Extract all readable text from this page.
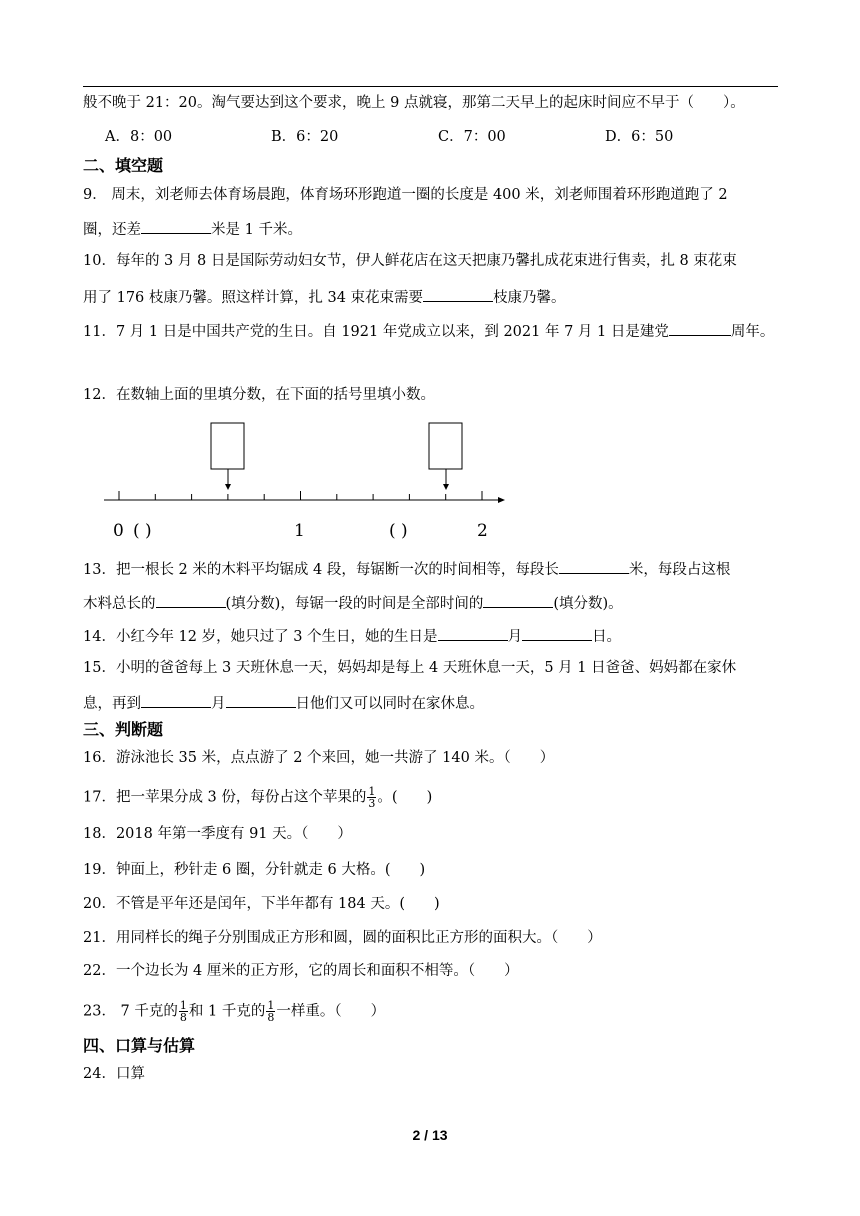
般不晚于 21：20。淘气要达到这个要求，晚上 9 点就寝，那第二天早上的起床时间应不早于（　　）。
A．8：00	B．6：20	C．7：00	D．6：50
二、填空题
9． 周末，刘老师去体育场晨跑，体育场环形跑道一圈的长度是 400 米，刘老师围着环形跑道跑了 2
圈，还差	米是 1 千米。
10．每年的 3 月 8 日是国际劳动妇女节，伊人鲜花店在这天把康乃馨扎成花束进行售卖，扎 8 束花束
用了 176 枝康乃馨。照这样计算，扎 34 束花束需要	枝康乃馨。
11．7 月 1 日是中国共产党的生日。自 1921 年党成立以来，到 2021 年 7 月 1 日是建党	周年。
12．在数轴上面的里填分数，在下面的括号里填小数。
0 ( )	1	( )	2
13．把一根长 2 米的木料平均锯成 4 段，每锯断一次的时间相等，每段长	米，每段占这根
木料总长的	(填分数)，每锯一段的时间是全部时间的	(填分数)。
14．小红今年 12 岁，她只过了 3 个生日，她的生日是	月	日。
15．小明的爸爸每上 3 天班休息一天，妈妈却是每上 4 天班休息一天，5 月 1 日爸爸、妈妈都在家休
息，再到	月	日他们又可以同时在家休息。
三、判断题
16．游泳池长 35 米，点点游了 2 个来回，她一共游了 140 米。（　　）
17．把一苹果分成 3 份，每份占这个苹果的 $\frac{1}{3}$ 。(　　)
18．2018 年第一季度有 91 天。（　　）
19．钟面上，秒针走 6 圈，分针就走 6 大格。(　　)
20．不管是平年还是闰年，下半年都有 184 天。(　　)
21．用同样长的绳子分别围成正方形和圆，圆的面积比正方形的面积大。（　　）
22．一个边长为 4 厘米的正方形，它的周长和面积不相等。（　　）
23． 7 千克的 $\frac{1}{8}$ 和 1 千克的 $\frac{1}{8}$ 一样重。（　　）
四、口算与估算
24．口算
2 / 13
